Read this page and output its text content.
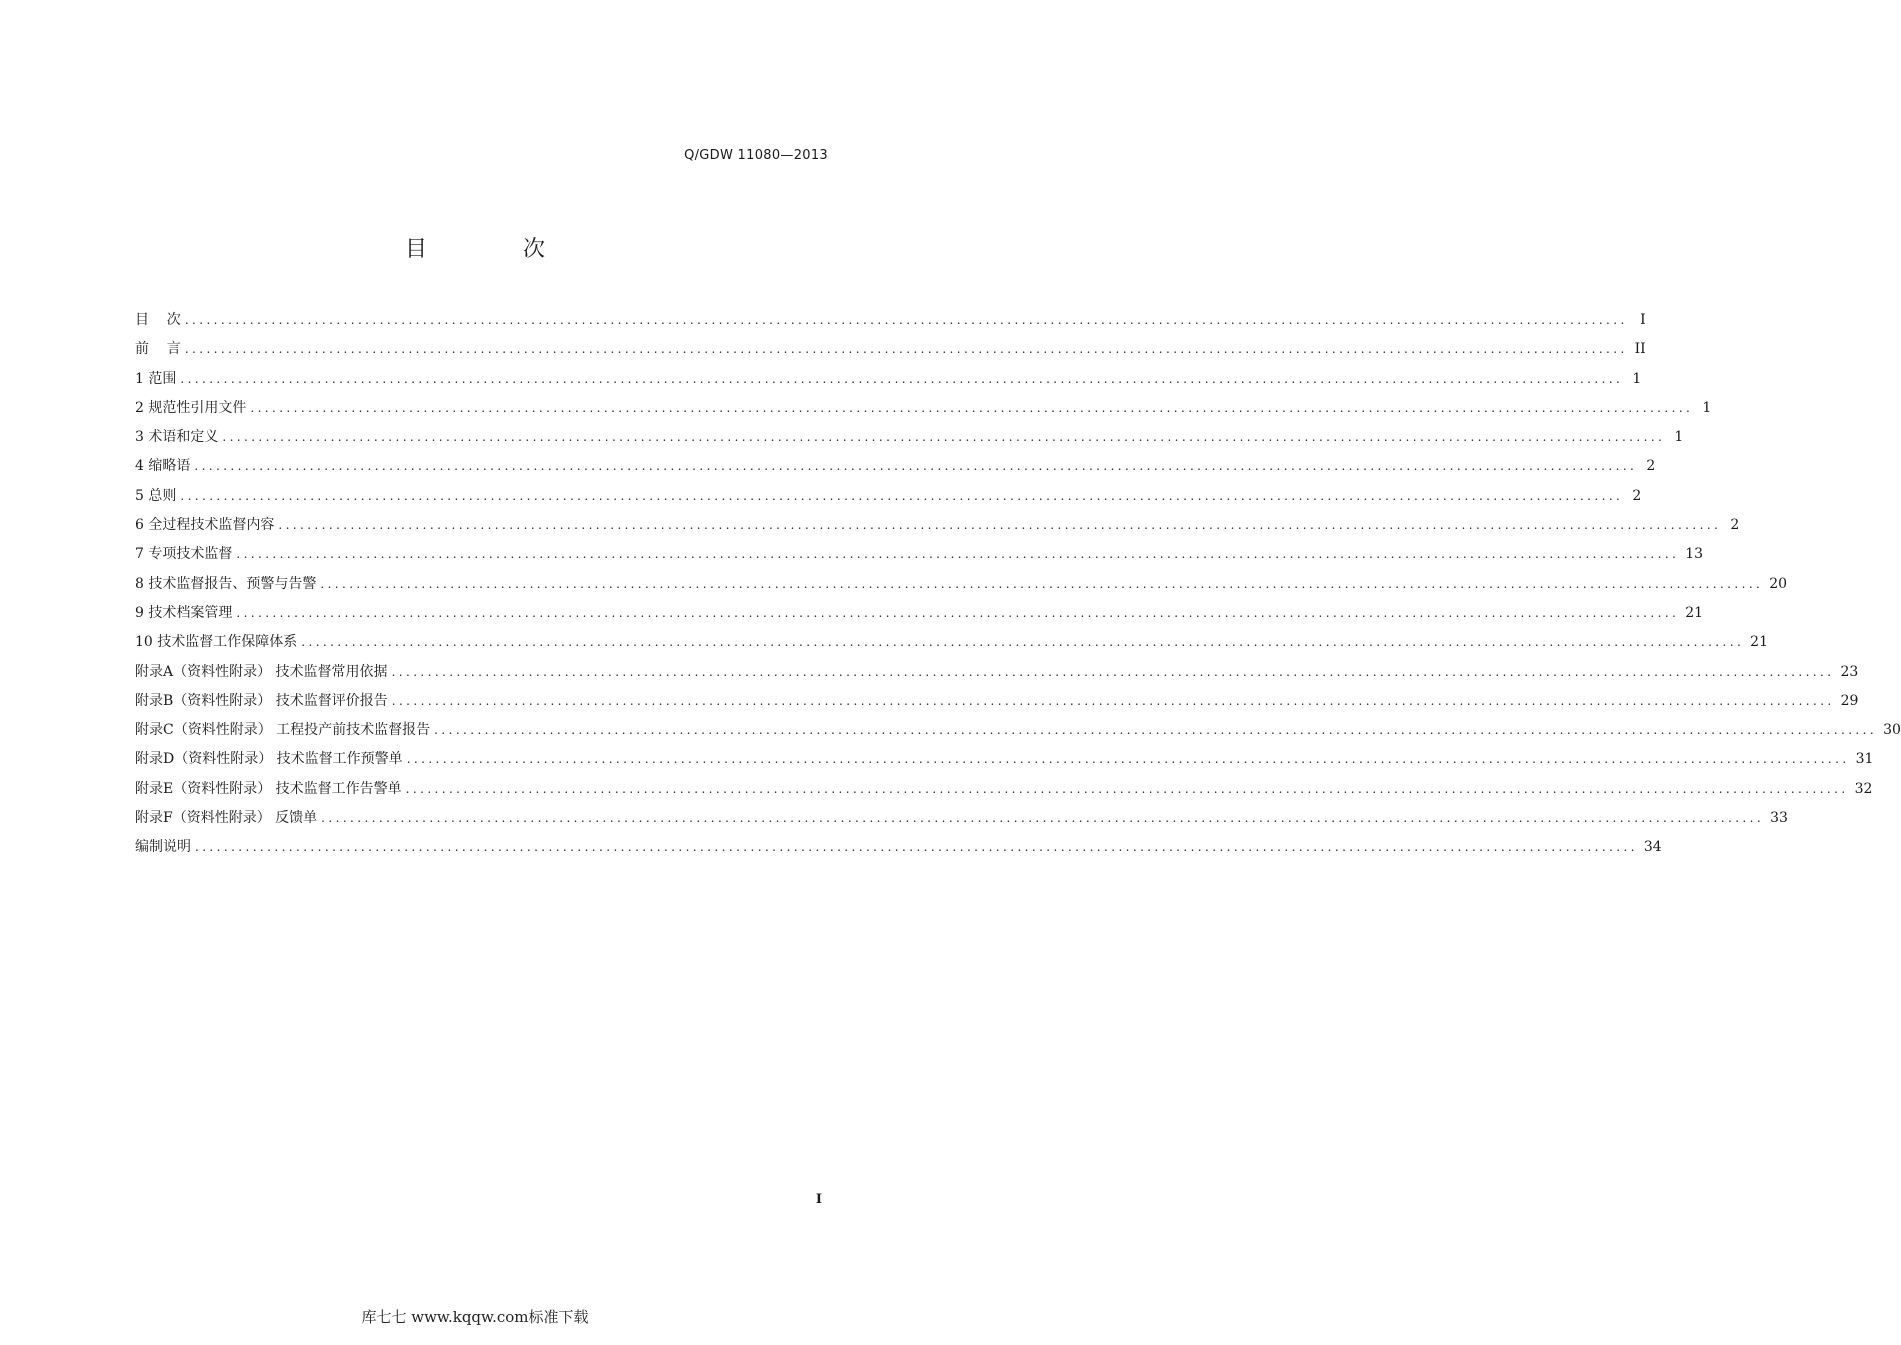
Q/GDW 11080—2013
目	次
目    次 ........................................................................................................................................................................................................ I
前    言 ........................................................................................................................................................................................................ II
1 范围 ........................................................................................................................................................................................................ 1
2 规范性引用文件 ........................................................................................................................................................................................................ 1
3 术语和定义 ........................................................................................................................................................................................................ 1
4 缩略语 ........................................................................................................................................................................................................ 2
5 总则 ........................................................................................................................................................................................................ 2
6 全过程技术监督内容 ........................................................................................................................................................................................................ 2
7 专项技术监督 ........................................................................................................................................................................................................ 13
8 技术监督报告、预警与告警 ........................................................................................................................................................................................................ 20
9 技术档案管理 ........................................................................................................................................................................................................ 21
10 技术监督工作保障体系 ........................................................................................................................................................................................................ 21
附录A（资料性附录） 技术监督常用依据 ........................................................................................................................................................................................................ 23
附录B（资料性附录） 技术监督评价报告 ........................................................................................................................................................................................................ 29
附录C（资料性附录） 工程投产前技术监督报告 ........................................................................................................................................................................................................ 30
附录D（资料性附录） 技术监督工作预警单 ........................................................................................................................................................................................................ 31
附录E（资料性附录） 技术监督工作告警单 ........................................................................................................................................................................................................ 32
附录F（资料性附录） 反馈单 ........................................................................................................................................................................................................ 33
编制说明 ........................................................................................................................................................................................................ 34
I
库七七 www.kqqw.com标准下载
